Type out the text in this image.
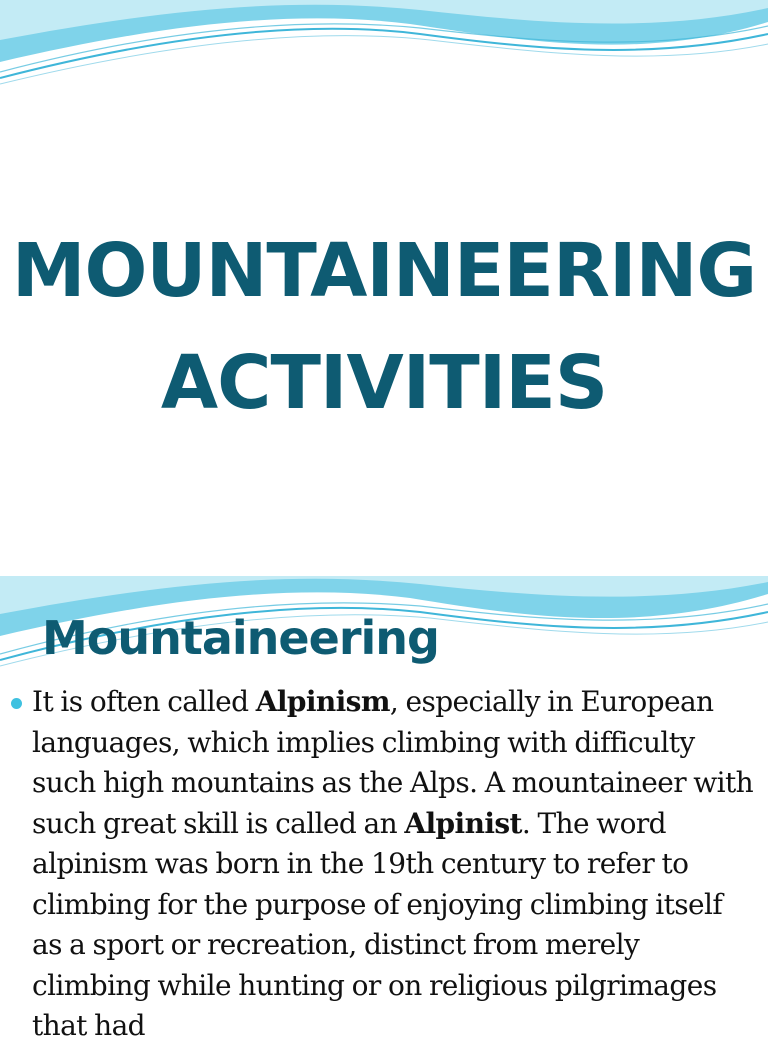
MOUNTAINEERING
ACTIVITIES
Mountaineering
It is often called Alpinism, especially in European languages, which implies climbing with difficulty such high mountains as the Alps. A mountaineer with such great skill is called an Alpinist. The word alpinism was born in the 19th century to refer to climbing for the purpose of enjoying climbing itself as a sport or recreation, distinct from merely climbing while hunting or on religious pilgrimages that had
